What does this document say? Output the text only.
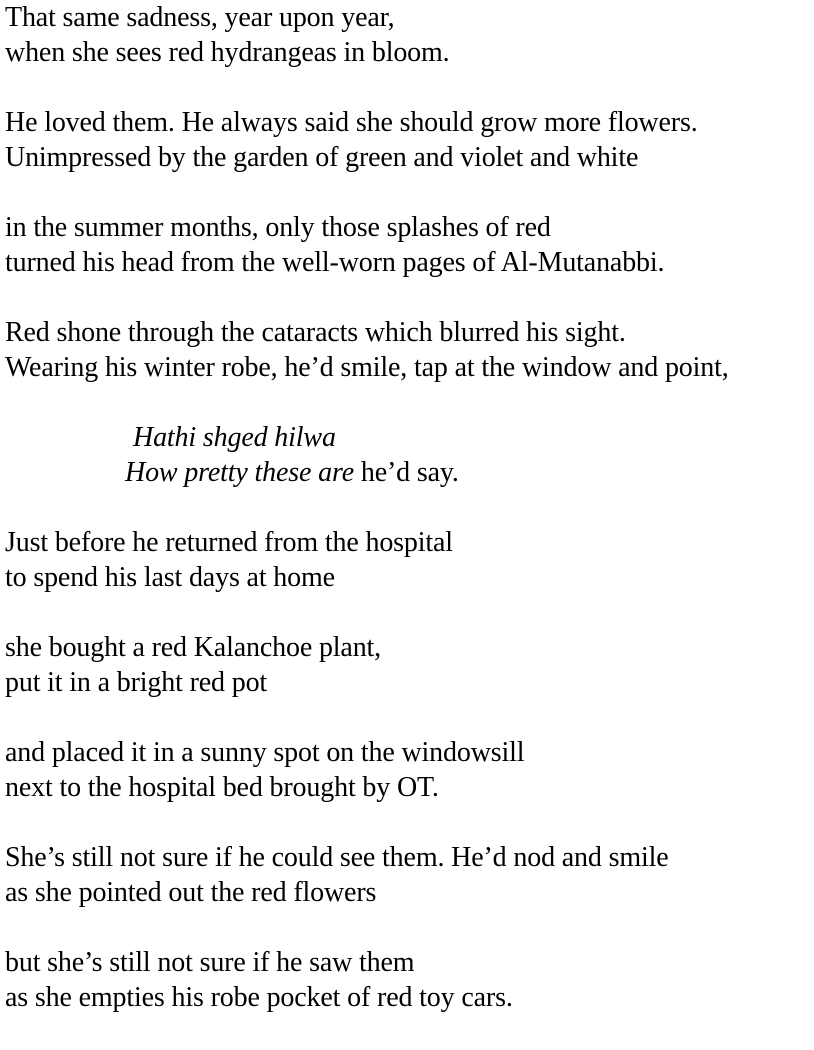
That same sadness, year upon year,
when she sees red hydrangeas in bloom.
He loved them. He always said she should grow more flowers.
Unimpressed by the garden of green and violet and white
in the summer months, only those splashes of red
turned his head from the well-worn pages of Al-Mutanabbi.
Red shone through the cataracts which blurred his sight.
Wearing his winter robe, he’d smile, tap at the window and point,
Hathi shged hilwa
How pretty these are he’d say.
Just before he returned from the hospital
to spend his last days at home
she bought a red Kalanchoe plant,
put it in a bright red pot
and placed it in a sunny spot on the windowsill
next to the hospital bed brought by OT.
She’s still not sure if he could see them. He’d nod and smile
as she pointed out the red flowers
but she’s still not sure if he saw them
as she empties his robe pocket of red toy cars.
